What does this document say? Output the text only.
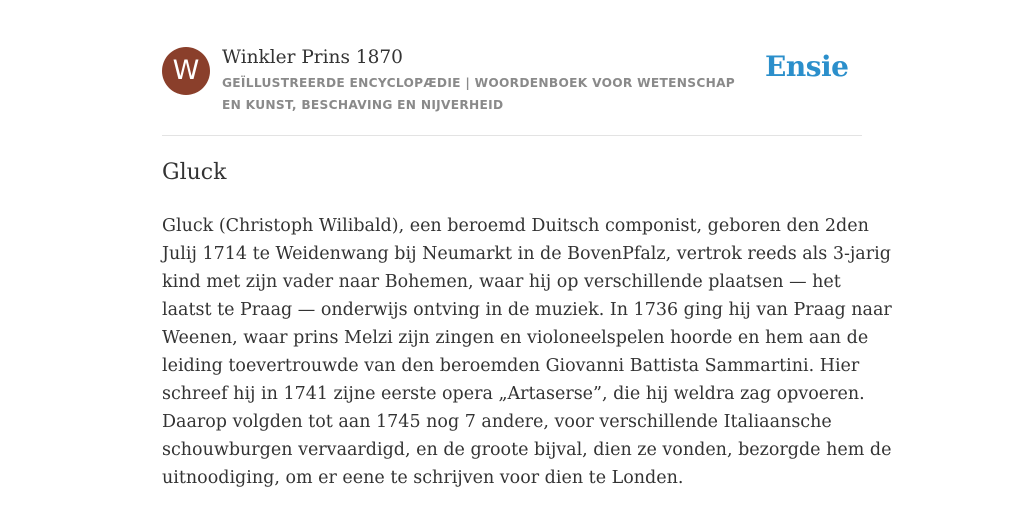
W	Winkler Prins 1870
GEÏLLUSTREERDE ENCYCLOPÆDIE | WOORDENBOEK VOOR WETENSCHAP EN KUNST, BESCHAVING EN NIJVERHEID
Ensie
Gluck

Gluck (Christoph Wilibald), een beroemd Duitsch componist, geboren den 2den
Julij 1714 te Weidenwang bij Neumarkt in de BovenPfalz, vertrok reeds als 3-jarig
kind met zijn vader naar Bohemen, waar hij op verschillende plaatsen — het
laatst te Praag — onderwijs ontving in de muziek. In 1736 ging hij van Praag naar
Weenen, waar prins Melzi zijn zingen en violoneelspelen hoorde en hem aan de
leiding toevertrouwde van den beroemden Giovanni Battista Sammartini. Hier
schreef hij in 1741 zijne eerste opera „Artaserse”, die hij weldra zag opvoeren.
Daarop volgden tot aan 1745 nog 7 andere, voor verschillende Italiaansche
schouwburgen vervaardigd, en de groote bijval, dien ze vonden, bezorgde hem de
uitnoodiging, om er eene te schrijven voor dien te Londen.
